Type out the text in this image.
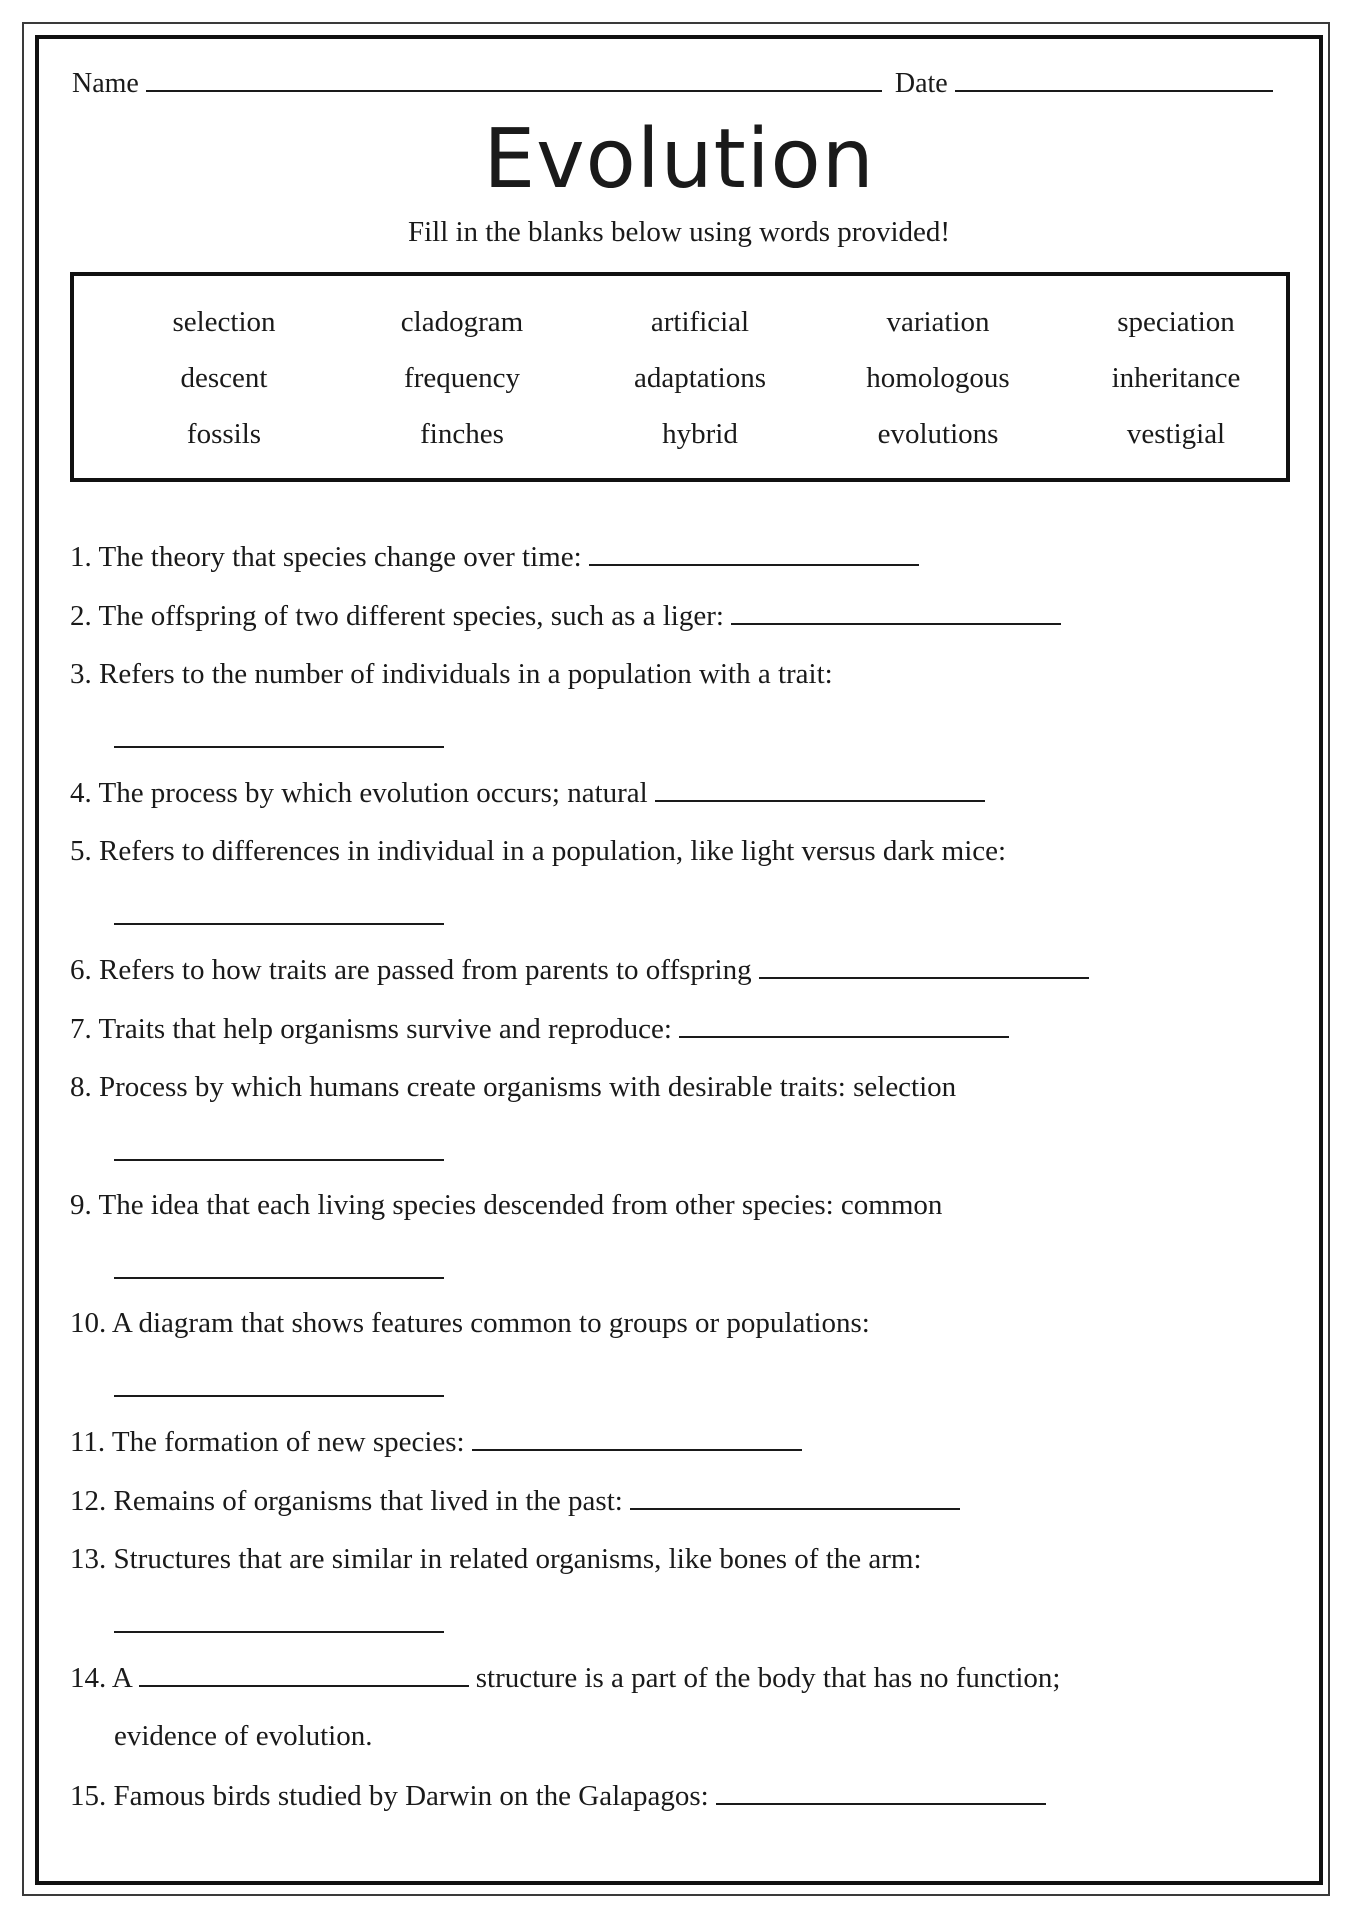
Name	Date
Evolution
Fill in the blanks below using words provided!
selection	cladogram	artificial	variation	speciation
descent	frequency	adaptations	homologous	inheritance
fossils	finches	hybrid	evolutions	vestigial
1. The theory that species change over time:
2. The offspring of two different species, such as a liger:
3. Refers to the number of individuals in a population with a trait:
4. The process by which evolution occurs; natural
5. Refers to differences in individual in a population, like light versus dark mice:
6. Refers to how traits are passed from parents to offspring
7. Traits that help organisms survive and reproduce:
8. Process by which humans create organisms with desirable traits: selection
9. The idea that each living species descended from other species: common
10. A diagram that shows features common to groups or populations:
11. The formation of new species:
12. Remains of organisms that lived in the past:
13. Structures that are similar in related organisms, like bones of the arm:
14. A	structure is a part of the body that has no function;
evidence of evolution.
15. Famous birds studied by Darwin on the Galapagos:
